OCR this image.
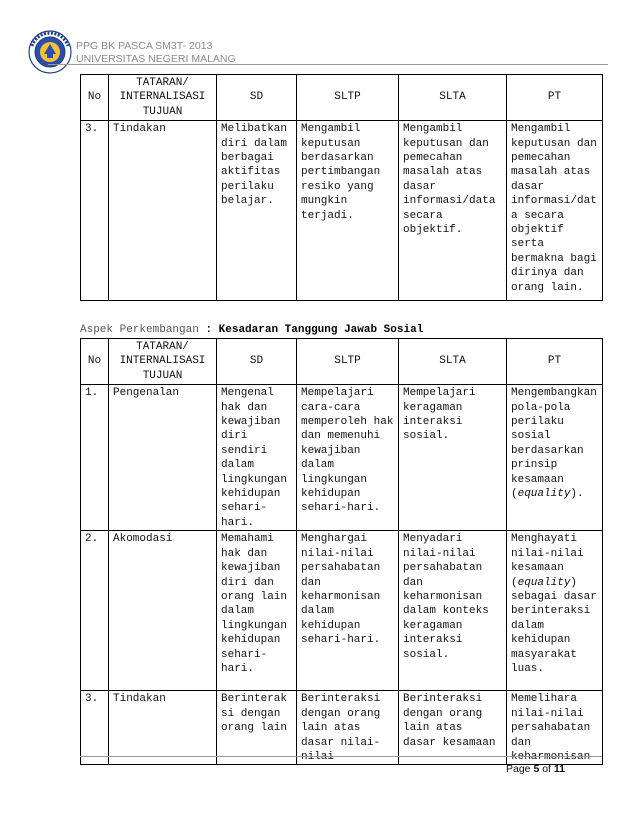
PPG BK PASCA SM3T- 2013
UNIVERSITAS NEGERI MALANG
No	TATARAN/ INTERNALISASI TUJUAN	SD	SLTP	SLTA	PT
3.	Tindakan	Melibatkan diri dalam berbagai aktifitas perilaku belajar.	Mengambil keputusan berdasarkan pertimbangan resiko yang mungkin terjadi.	Mengambil keputusan dan pemecahan masalah atas dasar informasi/data secara objektif.	Mengambil keputusan dan pemecahan masalah atas dasar informasi/data secara objektif serta bermakna bagi dirinya dan orang lain.
Aspek Perkembangan : Kesadaran Tanggung Jawab Sosial
No	TATARAN/ INTERNALISASI TUJUAN	SD	SLTP	SLTA	PT
1.	Pengenalan	Mengenal hak dan kewajiban diri sendiri dalam lingkungan kehidupan sehari-hari.	Mempelajari cara-cara memperoleh hak dan memenuhi kewajiban dalam lingkungan kehidupan sehari-hari.	Mempelajari keragaman interaksi sosial.	Mengembangkan pola-pola perilaku sosial berdasarkan prinsip kesamaan (equality).
2.	Akomodasi	Memahami hak dan kewajiban diri dan orang lain dalam lingkungan kehidupan sehari-hari.	Menghargai nilai-nilai persahabatan dan keharmonisan dalam kehidupan sehari-hari.	Menyadari nilai-nilai persahabatan dan keharmonisan dalam konteks keragaman interaksi sosial.	Menghayati nilai-nilai kesamaan (equality) sebagai dasar berinteraksi dalam kehidupan masyarakat luas.
3.	Tindakan	Berinteraksi dengan orang lain	Berinteraksi dengan orang lain atas dasar nilai-nilai	Berinteraksi dengan orang lain atas dasar kesamaan	Memelihara nilai-nilai persahabatan dan keharmonisan
Page 5 of 11
